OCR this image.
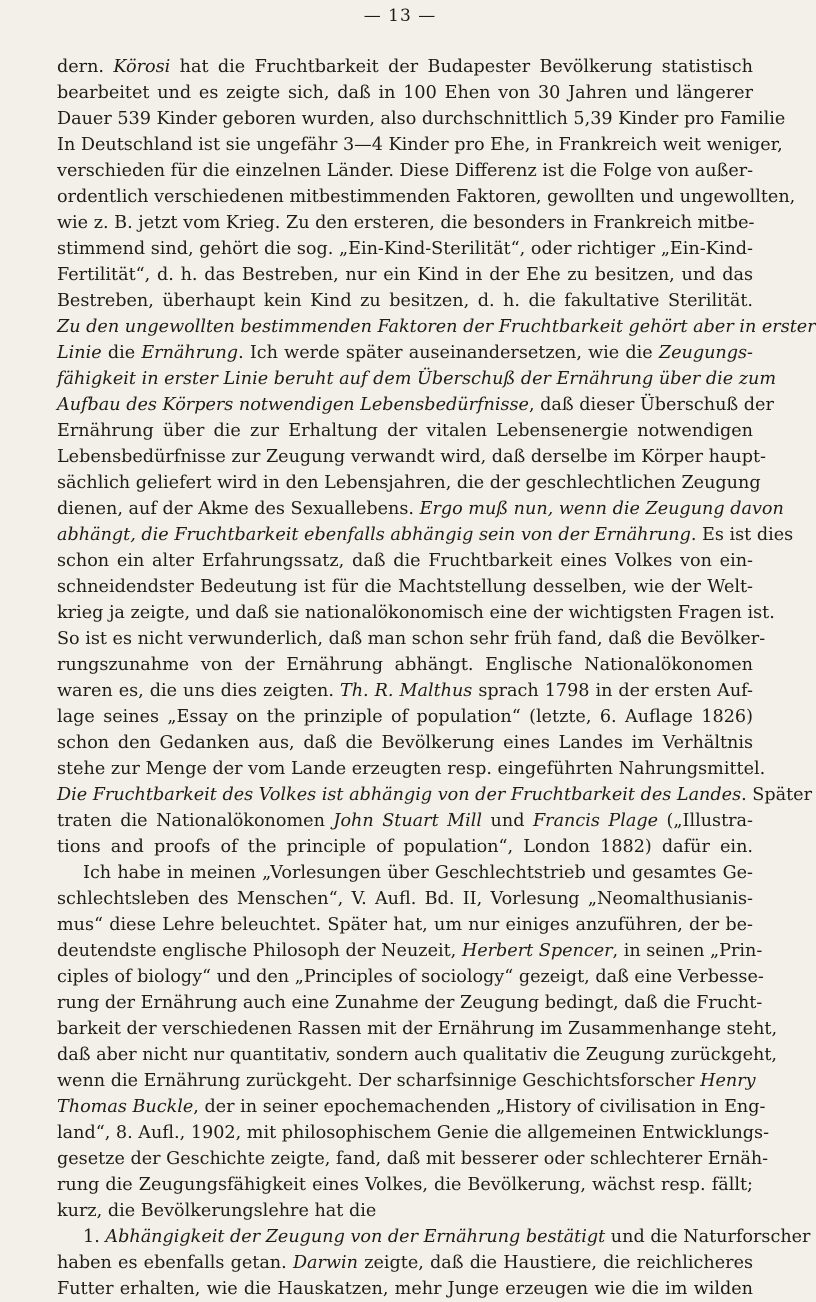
— 13 —
dern. Körosi hat die Fruchtbarkeit der Budapester Bevölkerung statistisch
bearbeitet und es zeigte sich, daß in 100 Ehen von 30 Jahren und längerer
Dauer 539 Kinder geboren wurden, also durchschnittlich 5,39 Kinder pro Familie
In Deutschland ist sie ungefähr 3—4 Kinder pro Ehe, in Frankreich weit weniger,
verschieden für die einzelnen Länder. Diese Differenz ist die Folge von außer-
ordentlich verschiedenen mitbestimmenden Faktoren, gewollten und ungewollten,
wie z. B. jetzt vom Krieg. Zu den ersteren, die besonders in Frankreich mitbe-
stimmend sind, gehört die sog. „Ein-Kind-Sterilität“, oder richtiger „Ein-Kind-
Fertilität“, d. h. das Bestreben, nur ein Kind in der Ehe zu besitzen, und das
Bestreben, überhaupt kein Kind zu besitzen, d. h. die fakultative Sterilität.
Zu den ungewollten bestimmenden Faktoren der Fruchtbarkeit gehört aber in erster
Linie die Ernährung. Ich werde später auseinandersetzen, wie die Zeugungs-
fähigkeit in erster Linie beruht auf dem Überschuß der Ernährung über die zum
Aufbau des Körpers notwendigen Lebensbedürfnisse, daß dieser Überschuß der
Ernährung über die zur Erhaltung der vitalen Lebensenergie notwendigen
Lebensbedürfnisse zur Zeugung verwandt wird, daß derselbe im Körper haupt-
sächlich geliefert wird in den Lebensjahren, die der geschlechtlichen Zeugung
dienen, auf der Akme des Sexuallebens. Ergo muß nun, wenn die Zeugung davon
abhängt, die Fruchtbarkeit ebenfalls abhängig sein von der Ernährung. Es ist dies
schon ein alter Erfahrungssatz, daß die Fruchtbarkeit eines Volkes von ein-
schneidendster Bedeutung ist für die Machtstellung desselben, wie der Welt-
krieg ja zeigte, und daß sie nationalökonomisch eine der wichtigsten Fragen ist.
So ist es nicht verwunderlich, daß man schon sehr früh fand, daß die Bevölker-
rungszunahme von der Ernährung abhängt. Englische Nationalökonomen
waren es, die uns dies zeigten. Th. R. Malthus sprach 1798 in der ersten Auf-
lage seines „Essay on the prinziple of population“ (letzte, 6. Auflage 1826)
schon den Gedanken aus, daß die Bevölkerung eines Landes im Verhältnis
stehe zur Menge der vom Lande erzeugten resp. eingeführten Nahrungsmittel.
Die Fruchtbarkeit des Volkes ist abhängig von der Fruchtbarkeit des Landes. Später
traten die Nationalökonomen John Stuart Mill und Francis Plage („Illustra-
tions and proofs of the principle of population“, London 1882) dafür ein.
Ich habe in meinen „Vorlesungen über Geschlechtstrieb und gesamtes Ge-
schlechtsleben des Menschen“, V. Aufl. Bd. II, Vorlesung „Neomalthusianis-
mus“ diese Lehre beleuchtet. Später hat, um nur einiges anzuführen, der be-
deutendste englische Philosoph der Neuzeit, Herbert Spencer, in seinen „Prin-
ciples of biology“ und den „Principles of sociology“ gezeigt, daß eine Verbesse-
rung der Ernährung auch eine Zunahme der Zeugung bedingt, daß die Frucht-
barkeit der verschiedenen Rassen mit der Ernährung im Zusammenhange steht,
daß aber nicht nur quantitativ, sondern auch qualitativ die Zeugung zurückgeht,
wenn die Ernährung zurückgeht. Der scharfsinnige Geschichtsforscher Henry
Thomas Buckle, der in seiner epochemachenden „History of civilisation in Eng-
land“, 8. Aufl., 1902, mit philosophischem Genie die allgemeinen Entwicklungs-
gesetze der Geschichte zeigte, fand, daß mit besserer oder schlechterer Ernäh-
rung die Zeugungsfähigkeit eines Volkes, die Bevölkerung, wächst resp. fällt;
kurz, die Bevölkerungslehre hat die
1. Abhängigkeit der Zeugung von der Ernährung bestätigt und die Naturforscher
haben es ebenfalls getan. Darwin zeigte, daß die Haustiere, die reichlicheres
Futter erhalten, wie die Hauskatzen, mehr Junge erzeugen wie die im wilden
